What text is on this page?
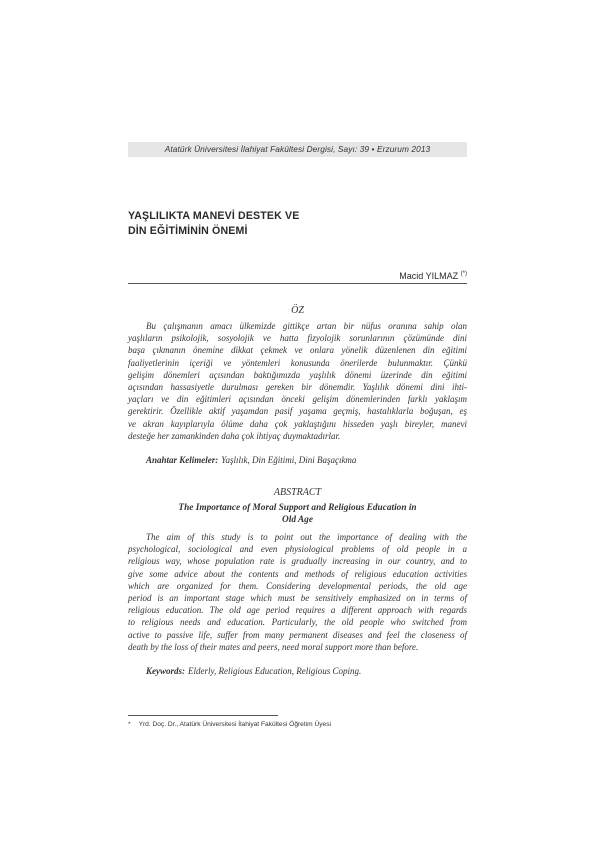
Atatürk Üniversitesi İlahiyat Fakültesi Dergisi, Sayı: 39 • Erzurum 2013
YAŞLILIKTA MANEVİ DESTEK VE
DİN EĞİTİMİNİN ÖNEMİ
Macid YILMAZ (*)
ÖZ
Bu çalışmanın amacı ülkemizde gittikçe artan bir nüfus oranına sahip olan
yaşlıların psikolojik, sosyolojik ve hatta fizyolojik sorunlarının çözümünde dini
başa çıkmanın önemine dikkat çekmek ve onlara yönelik düzenlenen din eğitimi
faaliyetlerinin içeriği ve yöntemleri konusunda önerilerde bulunmaktır. Çünkü
gelişim dönemleri açısından baktığımızda yaşlılık dönemi üzerinde din eğitimi
açısından hassasiyetle durulması gereken bir dönemdir. Yaşlılık dönemi dini ihti-
yaçları ve din eğitimleri açısından önceki gelişim dönemlerinden farklı yaklaşım
gerektirir. Özellikle aktif yaşamdan pasif yaşama geçmiş, hastalıklarla boğuşan, eş
ve akran kayıplarıyla ölüme daha çok yaklaştığını hisseden yaşlı bireyler, manevi
desteğe her zamankinden daha çok ihtiyaç duymaktadırlar.
Anahtar Kelimeler: Yaşlılık, Din Eğitimi, Dini Başaçıkma
ABSTRACT
The Importance of Moral Support and Religious Education in
Old Age
The aim of this study is to point out the importance of dealing with the
psychological, sociological and even physiological problems of old people in a
religious way, whose population rate is gradually increasing in our country, and to
give some advice about the contents and methods of religious education activities
which are organized for them. Considering developmental periods, the old age
period is an important stage which must be sensitively emphasized on in terms of
religious education. The old age period requires a different approach with regards
to religious needs and education. Particularly, the old people who switched from
active to passive life, suffer from many permanent diseases and feel the closeness of
death by the loss of their mates and peers, need moral support more than before.
Keywords: Elderly, Religious Education, Religious Coping.
* Yrd. Doç. Dr., Atatürk Üniversitesi İlahiyat Fakültesi Öğretim Üyesi
